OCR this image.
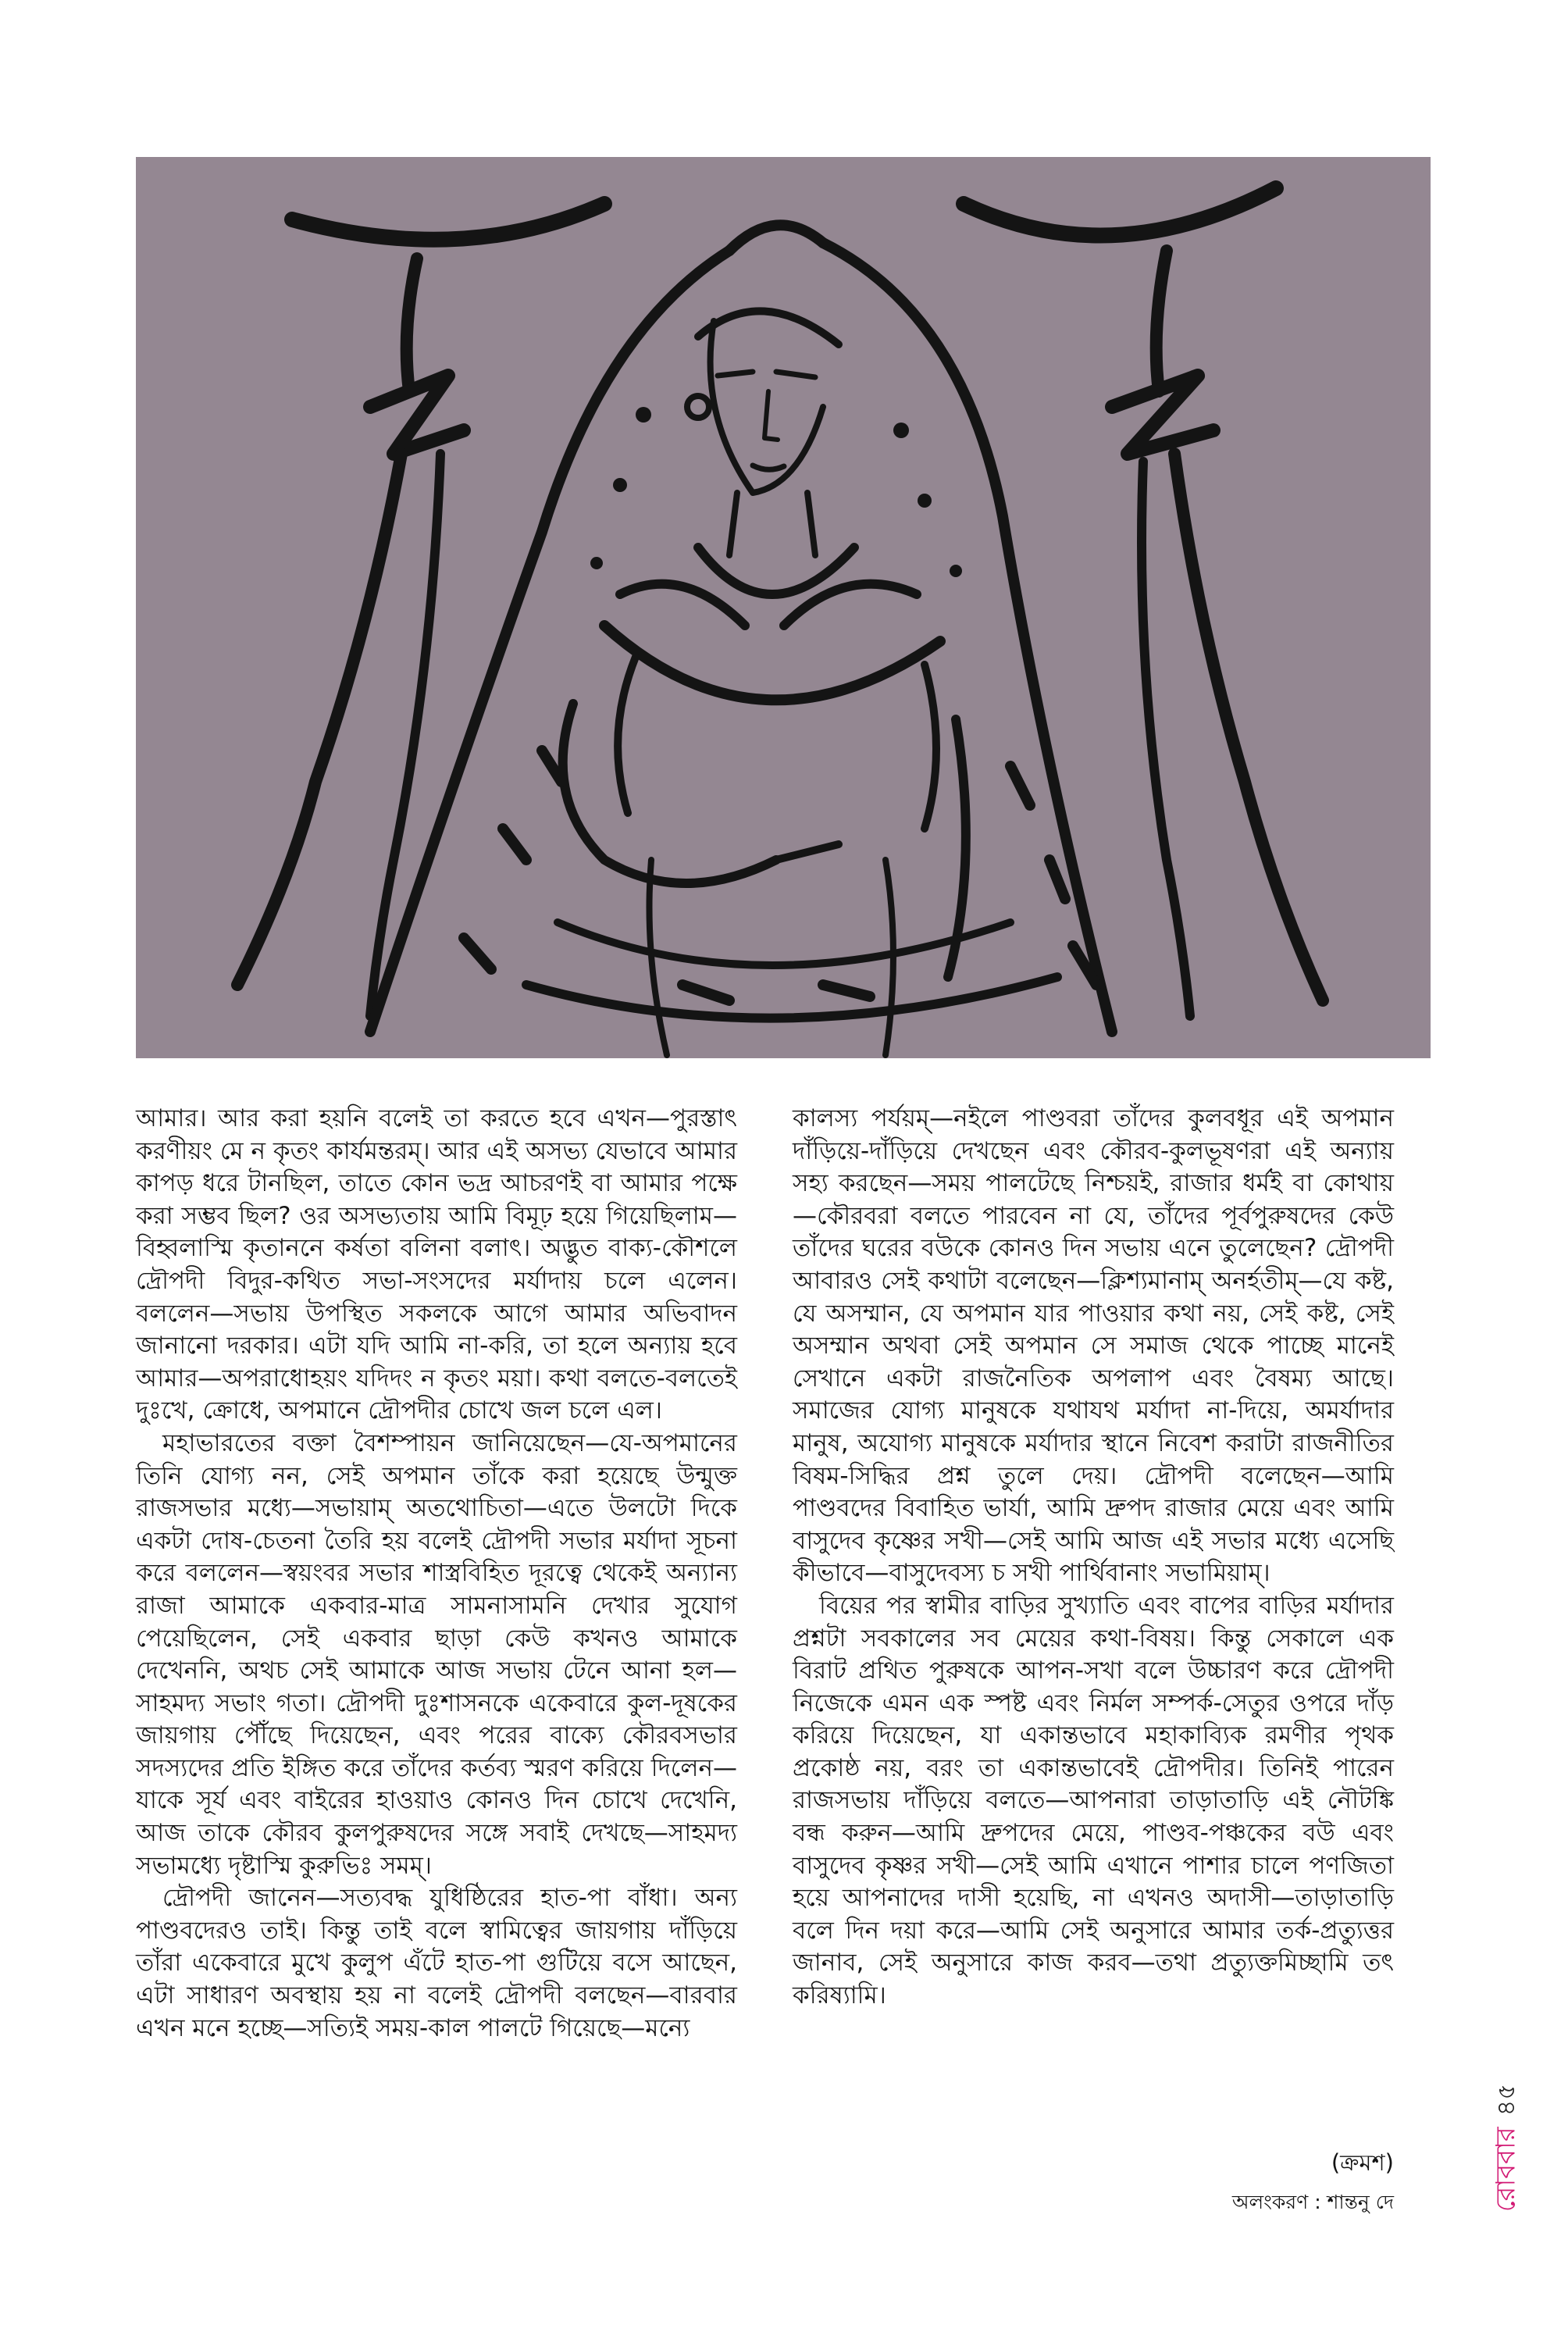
আমার। আর করা হয়নি বলেই তা করতে হবে এখন—পুরস্তাৎ করণীয়ং মে ন কৃতং কার্যমন্তরম্। আর এই অসভ্য যেভাবে আমার কাপড় ধরে টানছিল, তাতে কোন ভদ্র আচরণই বা আমার পক্ষে করা সম্ভব ছিল? ওর অসভ্যতায় আমি বিমূঢ় হয়ে গিয়েছিলাম—বিহ্বলাস্মি কৃতাননে কর্ষতা বলিনা বলাৎ। অদ্ভুত বাক্য-কৌশলে দ্রৌপদী বিদুর-কথিত সভা-সংসদের মর্যাদায় চলে এলেন। বললেন—সভায় উপস্থিত সকলকে আগে আমার অভিবাদন জানানো দরকার। এটা যদি আমি না-করি, তা হলে অন্যায় হবে আমার—অপরাধোহয়ং যদিদং ন কৃতং ময়া। কথা বলতে-বলতেই দুঃখে, ক্রোধে, অপমানে দ্রৌপদীর চোখে জল চলে এল।

মহাভারতের বক্তা বৈশম্পায়ন জানিয়েছেন—যে-অপমানের তিনি যোগ্য নন, সেই অপমান তাঁকে করা হয়েছে উন্মুক্ত রাজসভার মধ্যে—সভায়াম্ অতথোচিতা—এতে উলটো দিকে একটা দোষ-চেতনা তৈরি হয় বলেই দ্রৌপদী সভার মর্যাদা সূচনা করে বললেন—স্বয়ংবর সভার শাস্ত্রবিহিত দূরত্বে থেকেই অন্যান্য রাজা আমাকে একবার-মাত্র সামনাসামনি দেখার সুযোগ পেয়েছিলেন, সেই একবার ছাড়া কেউ কখনও আমাকে দেখেননি, অথচ সেই আমাকে আজ সভায় টেনে আনা হল—সাহমদ্য সভাং গতা। দ্রৌপদী দুঃশাসনকে একেবারে কুল-দূষকের জায়গায় পৌঁছে দিয়েছেন, এবং পরের বাক্যে কৌরবসভার সদস্যদের প্রতি ইঙ্গিত করে তাঁদের কর্তব্য স্মরণ করিয়ে দিলেন—যাকে সূর্য এবং বাইরের হাওয়াও কোনও দিন চোখে দেখেনি, আজ তাকে কৌরব কুলপুরুষদের সঙ্গে সবাই দেখছে—সাহমদ্য সভামধ্যে দৃষ্টাস্মি কুরুভিঃ সমম্।

দ্রৌপদী জানেন—সত্যবদ্ধ যুধিষ্ঠিরের হাত-পা বাঁধা। অন্য পাণ্ডবদেরও তাই। কিন্তু তাই বলে স্বামিত্বের জায়গায় দাঁড়িয়ে তাঁরা একেবারে মুখে কুলুপ এঁটে হাত-পা গুটিয়ে বসে আছেন, এটা সাধারণ অবস্থায় হয় না বলেই দ্রৌপদী বলছেন—বারবার এখন মনে হচ্ছে—সত্যিই সময়-কাল পালটে গিয়েছে—মন্যে

কালস্য পর্যয়ম্—নইলে পাণ্ডবরা তাঁদের কুলবধূর এই অপমান দাঁড়িয়ে-দাঁড়িয়ে দেখছেন এবং কৌরব-কুলভূষণরা এই অন্যায় সহ্য করছেন—সময় পালটেছে নিশ্চয়ই, রাজার ধর্মই বা কোথায়—কৌরবরা বলতে পারবেন না যে, তাঁদের পূর্বপুরুষদের কেউ তাঁদের ঘরের বউকে কোনও দিন সভায় এনে তুলেছেন? দ্রৌপদী আবারও সেই কথাটা বলেছেন—ক্লিশ্যমানাম্ অনর্হতীম্—যে কষ্ট, যে অসম্মান, যে অপমান যার পাওয়ার কথা নয়, সেই কষ্ট, সেই অসম্মান অথবা সেই অপমান সে সমাজ থেকে পাচ্ছে মানেই সেখানে একটা রাজনৈতিক অপলাপ এবং বৈষম্য আছে। সমাজের যোগ্য মানুষকে যথাযথ মর্যাদা না-দিয়ে, অমর্যাদার মানুষ, অযোগ্য মানুষকে মর্যাদার স্থানে নিবেশ করাটা রাজনীতির বিষম-সিদ্ধির প্রশ্ন তুলে দেয়। দ্রৌপদী বলেছেন—আমি পাণ্ডবদের বিবাহিত ভার্যা, আমি দ্রুপদ রাজার মেয়ে এবং আমি বাসুদেব কৃষ্ণের সখী—সেই আমি আজ এই সভার মধ্যে এসেছি কীভাবে—বাসুদেবস্য চ সখী পার্থিবানাং সভামিয়াম্।

বিয়ের পর স্বামীর বাড়ির সুখ্যাতি এবং বাপের বাড়ির মর্যাদার প্রশ্নটা সবকালের সব মেয়ের কথা-বিষয়। কিন্তু সেকালে এক বিরাট প্রথিত পুরুষকে আপন-সখা বলে উচ্চারণ করে দ্রৌপদী নিজেকে এমন এক স্পষ্ট এবং নির্মল সম্পর্ক-সেতুর ওপরে দাঁড় করিয়ে দিয়েছেন, যা একান্তভাবে মহাকাব্যিক রমণীর পৃথক প্রকোষ্ঠ নয়, বরং তা একান্তভাবেই দ্রৌপদীর। তিনিই পারেন রাজসভায় দাঁড়িয়ে বলতে—আপনারা তাড়াতাড়ি এই নৌটঙ্কি বন্ধ করুন—আমি দ্রুপদের মেয়ে, পাণ্ডব-পঞ্চকের বউ এবং বাসুদেব কৃষ্ণর সখী—সেই আমি এখানে পাশার চালে পণজিতা হয়ে আপনাদের দাসী হয়েছি, না এখনও অদাসী—তাড়াতাড়ি বলে দিন দয়া করে—আমি সেই অনুসারে আমার তর্ক-প্রত্যুত্তর জানাব, সেই অনুসারে কাজ করব—তথা প্রত্যুক্তমিচ্ছামি তৎ করিষ্যামি।

(ক্রমশ)
অলংকরণ : শান্তনু দে	রোববার
৪৫
